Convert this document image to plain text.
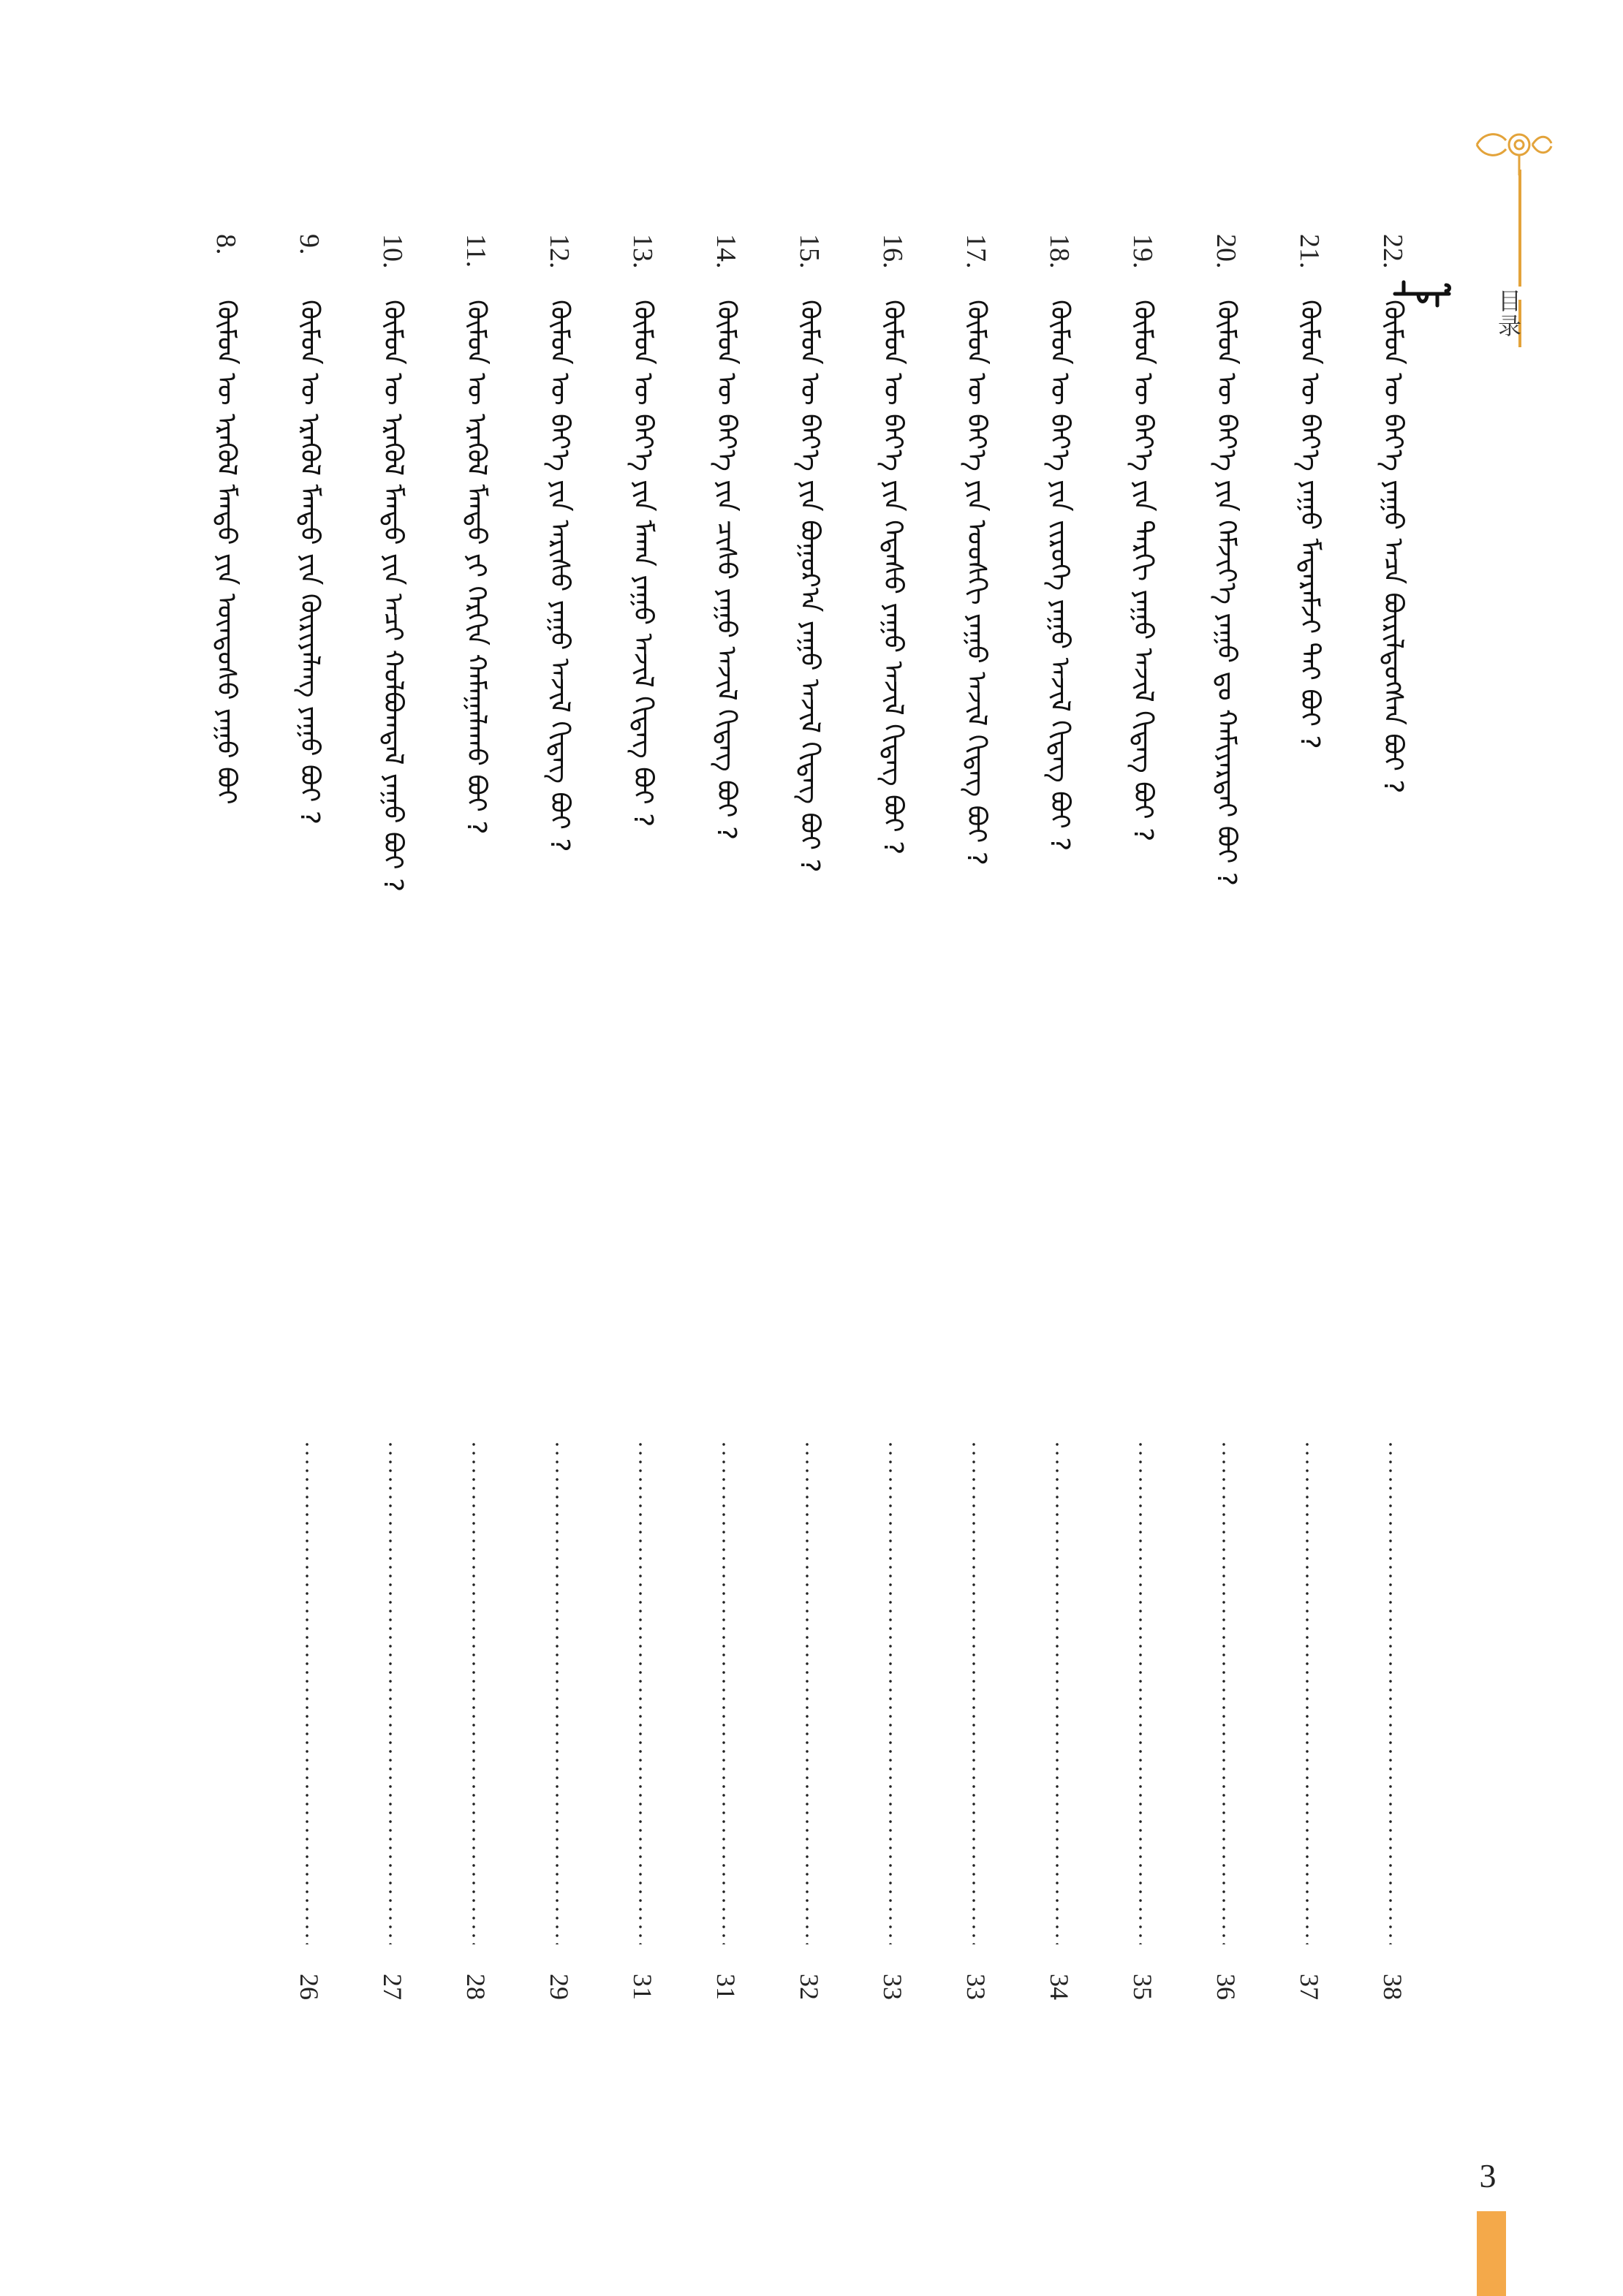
目录
22.
ᠬᠦᠮᠦᠨ ᠦ ᠪᠡᠶ᠎ᠡ ᠶᠠᠭᠤ ᠠᠴᠠ ᠪᠦᠷᠢᠯᠳᠦᠭᠰᠡᠨ ᠪᠤᠢ ?
38
21.
ᠬᠦᠮᠦᠨ ᠦ ᠪᠡᠶ᠎ᠡ ᠶᠠᠭᠤ ᠮᠡᠳᠡᠷᠡᠮᠵᠢ ᠲᠠᠢ ᠪᠤᠢ ?
37
20.
ᠬᠦᠮᠦᠨ ᠦ ᠪᠡᠶ᠎ᠡ ᠶᠢᠨ ᠬᠡᠮᠵᠢᠶ᠎ᠡ ᠶᠠᠭᠤ ᠳᠤ ᠬᠠᠮᠢᠶᠠᠷᠲᠠᠢ ᠪᠤᠢ ?
36
19.
ᠬᠦᠮᠦᠨ ᠦ ᠪᠡᠶ᠎ᠡ ᠶᠢᠨ ᠲᠠᠷᠬᠢ ᠶᠠᠭᠤ ᠠᠵᠢᠯ ᠬᠢᠳᠡᠭ ᠪᠤᠢ ?
35
18.
ᠬᠦᠮᠦᠨ ᠦ ᠪᠡᠶ᠎ᠡ ᠶᠢᠨ ᠵᠢᠷᠦᠬᠡ ᠶᠠᠭᠤ ᠠᠵᠢᠯ ᠬᠢᠳᠡᠭ ᠪᠤᠢ ?
34
17.
ᠬᠦᠮᠦᠨ ᠦ ᠪᠡᠶ᠎ᠡ ᠶᠢᠨ ᠤᠤᠰᠬᠢ ᠶᠠᠭᠤ ᠠᠵᠢᠯ ᠬᠢᠳᠡᠭ ᠪᠤᠢ ?
33
16.
ᠬᠦᠮᠦᠨ ᠦ ᠪᠡᠶ᠎ᠡ ᠶᠢᠨ ᠭᠡᠳᠡᠰᠦ ᠶᠠᠭᠤ ᠠᠵᠢᠯ ᠬᠢᠳᠡᠭ ᠪᠤᠢ ?
33
15.
ᠬᠦᠮᠦᠨ ᠦ ᠪᠡᠶ᠎ᠡ ᠶᠢᠨ ᠪᠣᠭᠣᠷ᠎ᠠ ᠶᠠᠭᠤ ᠠᠵᠢᠯ ᠬᠢᠳᠡᠭ ᠪᠤᠢ ?
32
14.
ᠬᠦᠮᠦᠨ ᠦ ᠪᠡᠶ᠎ᠡ ᠶᠢᠨ ᠴᠢᠰᠤ ᠶᠠᠭᠤ ᠠᠵᠢᠯ ᠬᠢᠳᠡᠭ ᠪᠤᠢ ?
31
13.
ᠬᠦᠮᠦᠨ ᠦ ᠪᠡᠶ᠎ᠡ ᠶᠢᠨ ᠮᠠᠬᠠ ᠶᠠᠭᠤ ᠠᠵᠢᠯ ᠬᠢᠳᠡᠭ ᠪᠤᠢ ?
31
12.
ᠬᠦᠮᠦᠨ ᠦ ᠪᠡᠶ᠎ᠡ ᠶᠢᠨ ᠠᠷᠢᠰᠤ ᠶᠠᠭᠤ ᠠᠵᠢᠯ ᠬᠢᠳᠡᠭ ᠪᠤᠢ ?
29
11.
ᠬᠦᠮᠦᠨ ᠦ ᠡᠷᠡᠭᠦᠯ ᠮᠡᠨᠳᠦ ᠶᠢ ᠬᠡᠷᠬᠢᠨ ᠬᠠᠮᠠᠭᠠᠯᠠᠬᠤ ᠪᠤᠢ ?
28
10.
ᠬᠦᠮᠦᠨ ᠦ ᠡᠷᠡᠭᠦᠯ ᠮᠡᠨᠳᠦ ᠶᠢᠨ ᠠᠴᠢ ᠬᠣᠯᠪᠣᠭᠳᠠᠯ ᠶᠠᠭᠤ ᠪᠤᠢ ?
27
9.
ᠬᠦᠮᠦᠨ ᠦ ᠡᠷᠡᠭᠦᠯ ᠮᠡᠨᠳᠦ ᠶᠢᠨ ᠬᠦᠷᠢᠶᠡᠯᠡᠩ ᠶᠠᠭᠤ ᠪᠤᠢ ?
26
8.
ᠬᠦᠮᠦᠨ ᠦ ᠡᠷᠡᠭᠦᠯ ᠮᠡᠨᠳᠦ ᠶᠢᠨ ᠦᠨᠳᠦᠰᠦ ᠶᠠᠭᠤ ᠪᠤᠢ
3
